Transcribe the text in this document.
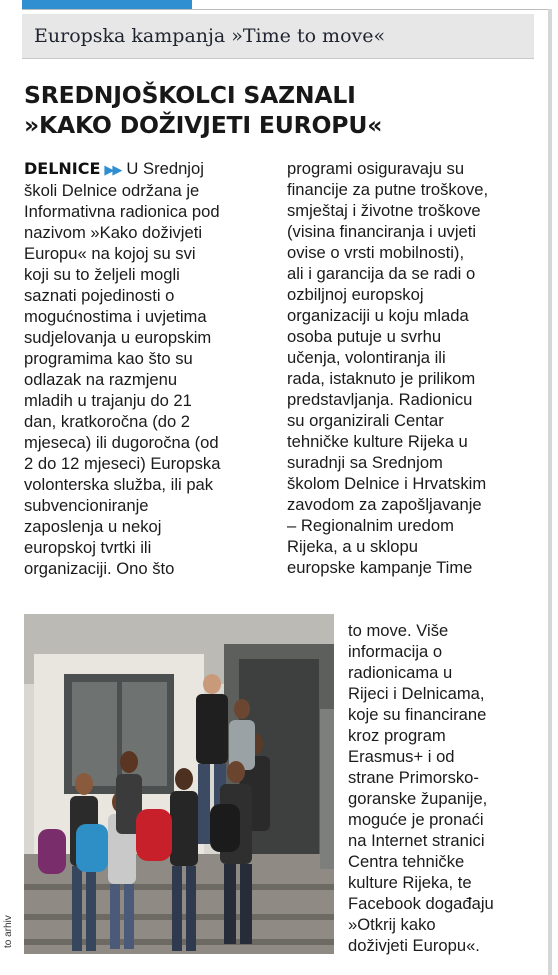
Europska kampanja »Time to move«
SREDNJOŠKOLCI SAZNALI
»KAKO DOŽIVJETI EUROPU«
DELNICE ▶▶ U Srednjoj
školi Delnice održana je
Informativna radionica pod
nazivom »Kako doživjeti
Europu« na kojoj su svi
koji su to željeli mogli
saznati pojedinosti o
mogućnostima i uvjetima
sudjelovanja u europskim
programima kao što su
odlazak na razmjenu
mladih u trajanju do 21
dan, kratkoročna (do 2
mjeseca) ili dugoročna (od
2 do 12 mjeseci) Europska
volonterska služba, ili pak
subvencioniranje
zaposlenja u nekoj
europskoj tvrtki ili
organizaciji. Ono što
programi osiguravaju su
financije za putne troškove,
smještaj i životne troškove
(visina financiranja i uvjeti
ovise o vrsti mobilnosti),
ali i garancija da se radi o
ozbiljnoj europskoj
organizaciji u koju mlada
osoba putuje u svrhu
učenja, volontiranja ili
rada, istaknuto je prilikom
predstavljanja. Radionicu
su organizirali Centar
tehničke kulture Rijeka u
suradnji sa Srednjom
školom Delnice i Hrvatskim
zavodom za zapošljavanje
– Regionalnim uredom
Rijeka, a u sklopu
europske kampanje Time
to arhiv
to move. Više
informacija o
radionicama u
Rijeci i Delnicama,
koje su financirane
kroz program
Erasmus+ i od
strane Primorsko-
goranske županije,
moguće je pronaći
na Internet stranici
Centra tehničke
kulture Rijeka, te
Facebook događaju
»Otkrij kako
doživjeti Europu«.
